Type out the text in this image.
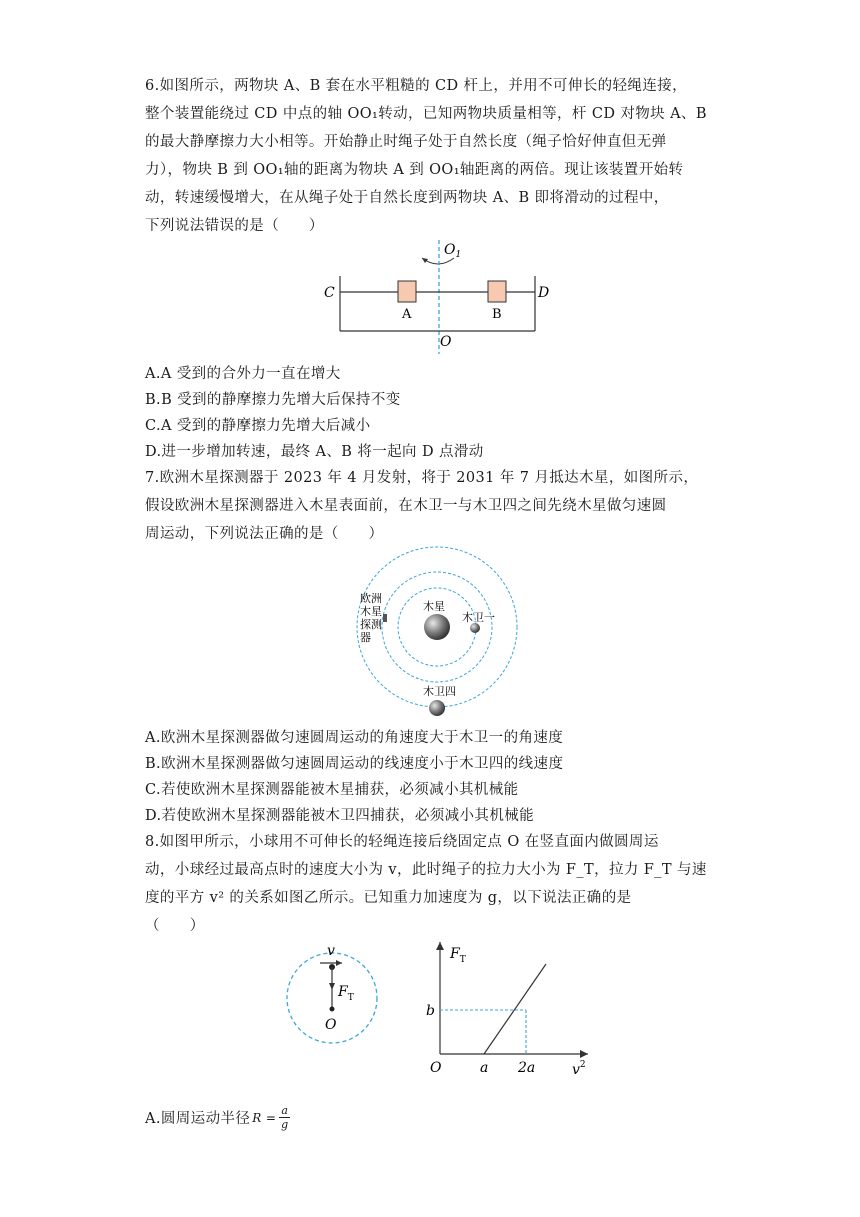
6.如图所示，两物块 A、B 套在水平粗糙的 CD 杆上，并用不可伸长的轻绳连接，
整个装置能绕过 CD 中点的轴 OO₁转动，已知两物块质量相等，杆 CD 对物块 A、B
的最大静摩擦力大小相等。开始静止时绳子处于自然长度（绳子恰好伸直但无弹
力），物块 B 到 OO₁轴的距离为物块 A 到 OO₁轴距离的两倍。现让该装置开始转
动，转速缓慢增大，在从绳子处于自然长度到两物块 A、B 即将滑动的过程中，
下列说法错误的是（　　）
$O_1$
C	D
A	B
O
A.A 受到的合外力一直在增大
B.B 受到的静摩擦力先增大后保持不变
C.A 受到的静摩擦力先增大后减小
D.进一步增加转速，最终 A、B 将一起向 D 点滑动
7.欧洲木星探测器于 2023 年 4 月发射，将于 2031 年 7 月抵达木星，如图所示，
假设欧洲木星探测器进入木星表面前，在木卫一与木卫四之间先绕木星做匀速圆
周运动，下列说法正确的是（　　）
木星
木卫一
木卫四
欧洲
木星
探测
器
A.欧洲木星探测器做匀速圆周运动的角速度大于木卫一的角速度
B.欧洲木星探测器做匀速圆周运动的线速度小于木卫四的线速度
C.若使欧洲木星探测器能被木星捕获，必须减小其机械能
D.若使欧洲木星探测器能被木卫四捕获，必须减小其机械能
8.如图甲所示，小球用不可伸长的轻绳连接后绕固定点 O 在竖直面内做圆周运
动，小球经过最高点时的速度大小为 v，此时绳子的拉力大小为 F_T，拉力 F_T 与速
度的平方 v² 的关系如图乙所示。已知重力加速度为 g，以下说法正确的是
（　　）
v
$F_T$
O
$F_T$
b
O	a 2a	$v^2$
A.圆周运动半径 $R = \frac{a}{g}$
